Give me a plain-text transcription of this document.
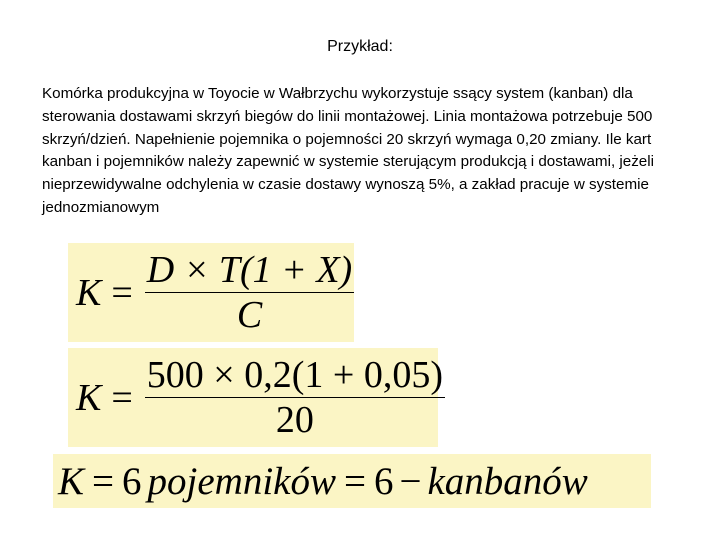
Przykład:
Komórka produkcyjna w Toyocie w Wałbrzychu wykorzystuje ssący system (kanban) dla sterowania dostawami skrzyń biegów do linii montażowej. Linia montażowa potrzebuje 500 skrzyń/dzień. Napełnienie pojemnika o pojemności 20 skrzyń wymaga 0,20 zmiany. Ile kart kanban i pojemników należy zapewnić w systemie sterującym produkcją i dostawami, jeżeli nieprzewidywalne odchylenia w czasie dostawy wynoszą 5%, a zakład pracuje w systemie jednozmianowym
$K = \frac{D \times T(1 + X)}{C}$
$K = \frac{500 \times 0,2(1 + 0,05)}{20}$
K = 6 pojemników = 6 − kanbanów
